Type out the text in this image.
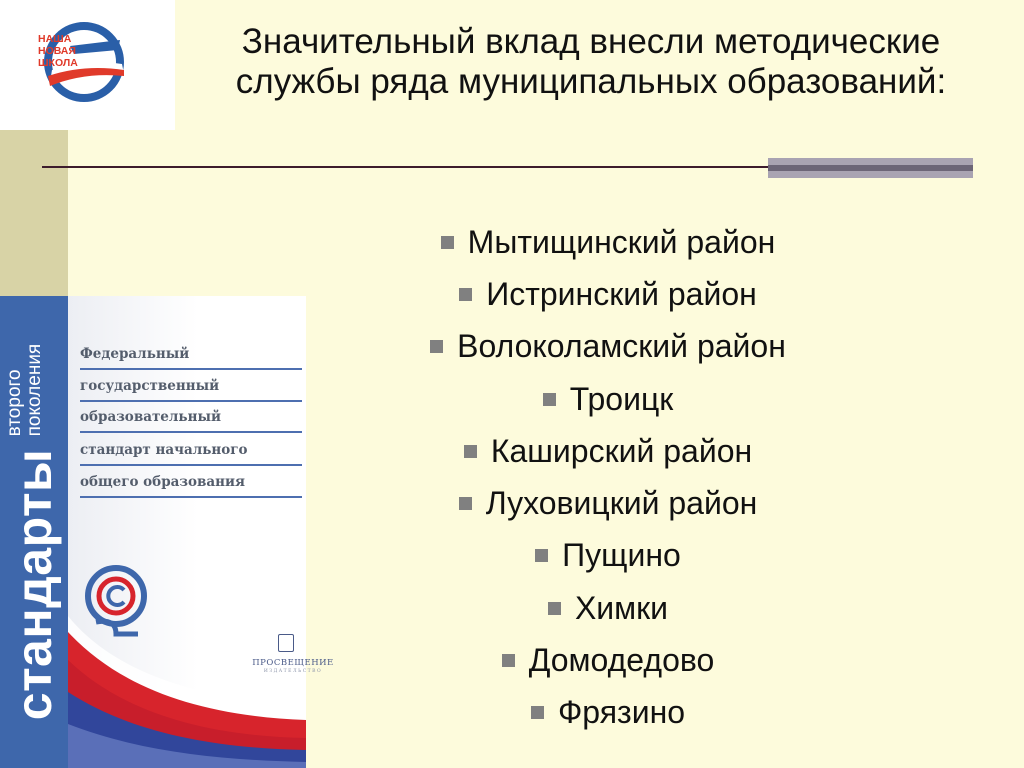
НАША
НОВАЯ
ШКОЛА
Значительный вклад внесли методические
службы ряда муниципальных образований:
стандарты второго
поколения	Федеральный
государственный
образовательный
стандарт начального
общего образования
ПРОСВЕЩЕНИЕ
ИЗДАТЕЛЬСТВО
Мытищинский район
Истринский район
Волоколамский район
Троицк
Каширский район
Луховицкий район
Пущино
Химки
Домодедово
Фрязино
